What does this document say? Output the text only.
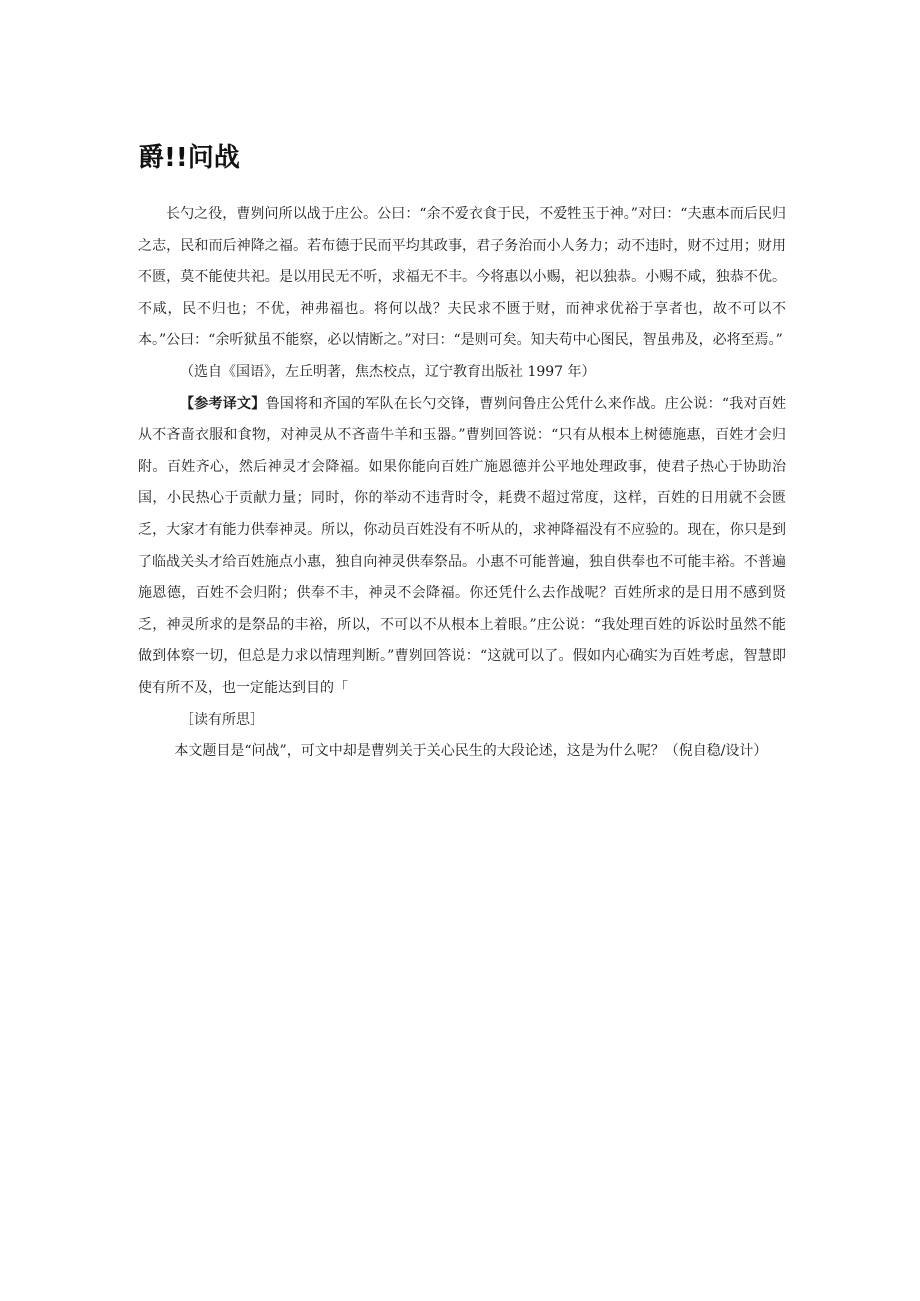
爵!!问战

长勺之役，曹刿问所以战于庄公。公曰：“余不爱衣食于民，不爱牲玉于神。”对曰：“夫惠本而后民归之志，民和而后神降之福。若布德于民而平均其政事，君子务治而小人务力；动不违时，财不过用；财用不匮，莫不能使共祀。是以用民无不听，求福无不丰。今将惠以小赐，祀以独恭。小赐不咸，独恭不优。不咸，民不归也；不优，神弗福也。将何以战？夫民求不匮于财，而神求优裕于享者也，故不可以不本。”公曰：“余听狱虽不能察，必以情断之。”对曰：“是则可矣。知夫苟中心图民，智虽弗及，必将至焉。”

（选自《国语》，左丘明著，焦杰校点，辽宁教育出版社 1997 年）

【参考译文】鲁国将和齐国的军队在长勺交锋，曹刿问鲁庄公凭什么来作战。庄公说：“我对百姓从不吝啬衣服和食物，对神灵从不吝啬牛羊和玉器。”曹刿回答说：“只有从根本上树德施惠，百姓才会归附。百姓齐心，然后神灵才会降福。如果你能向百姓广施恩德并公平地处理政事，使君子热心于协助治国，小民热心于贡献力量；同时，你的举动不违背时令，耗费不超过常度，这样，百姓的日用就不会匮乏，大家才有能力供奉神灵。所以，你动员百姓没有不听从的，求神降福没有不应验的。现在，你只是到了临战关头才给百姓施点小惠，独自向神灵供奉祭品。小惠不可能普遍，独自供奉也不可能丰裕。不普遍施恩德，百姓不会归附；供奉不丰，神灵不会降福。你还凭什么去作战呢？百姓所求的是日用不感到贤乏，神灵所求的是祭品的丰裕，所以，不可以不从根本上着眼。”庄公说：“我处理百姓的诉讼时虽然不能做到体察一切，但总是力求以情理判断。”曹刿回答说：“这就可以了。假如内心确实为百姓考虑，智慧即使有所不及，也一定能达到目的「

［读有所思］

本文题目是“问战”，可文中却是曹刿关于关心民生的大段论述，这是为什么呢？（倪自稳/设计）
